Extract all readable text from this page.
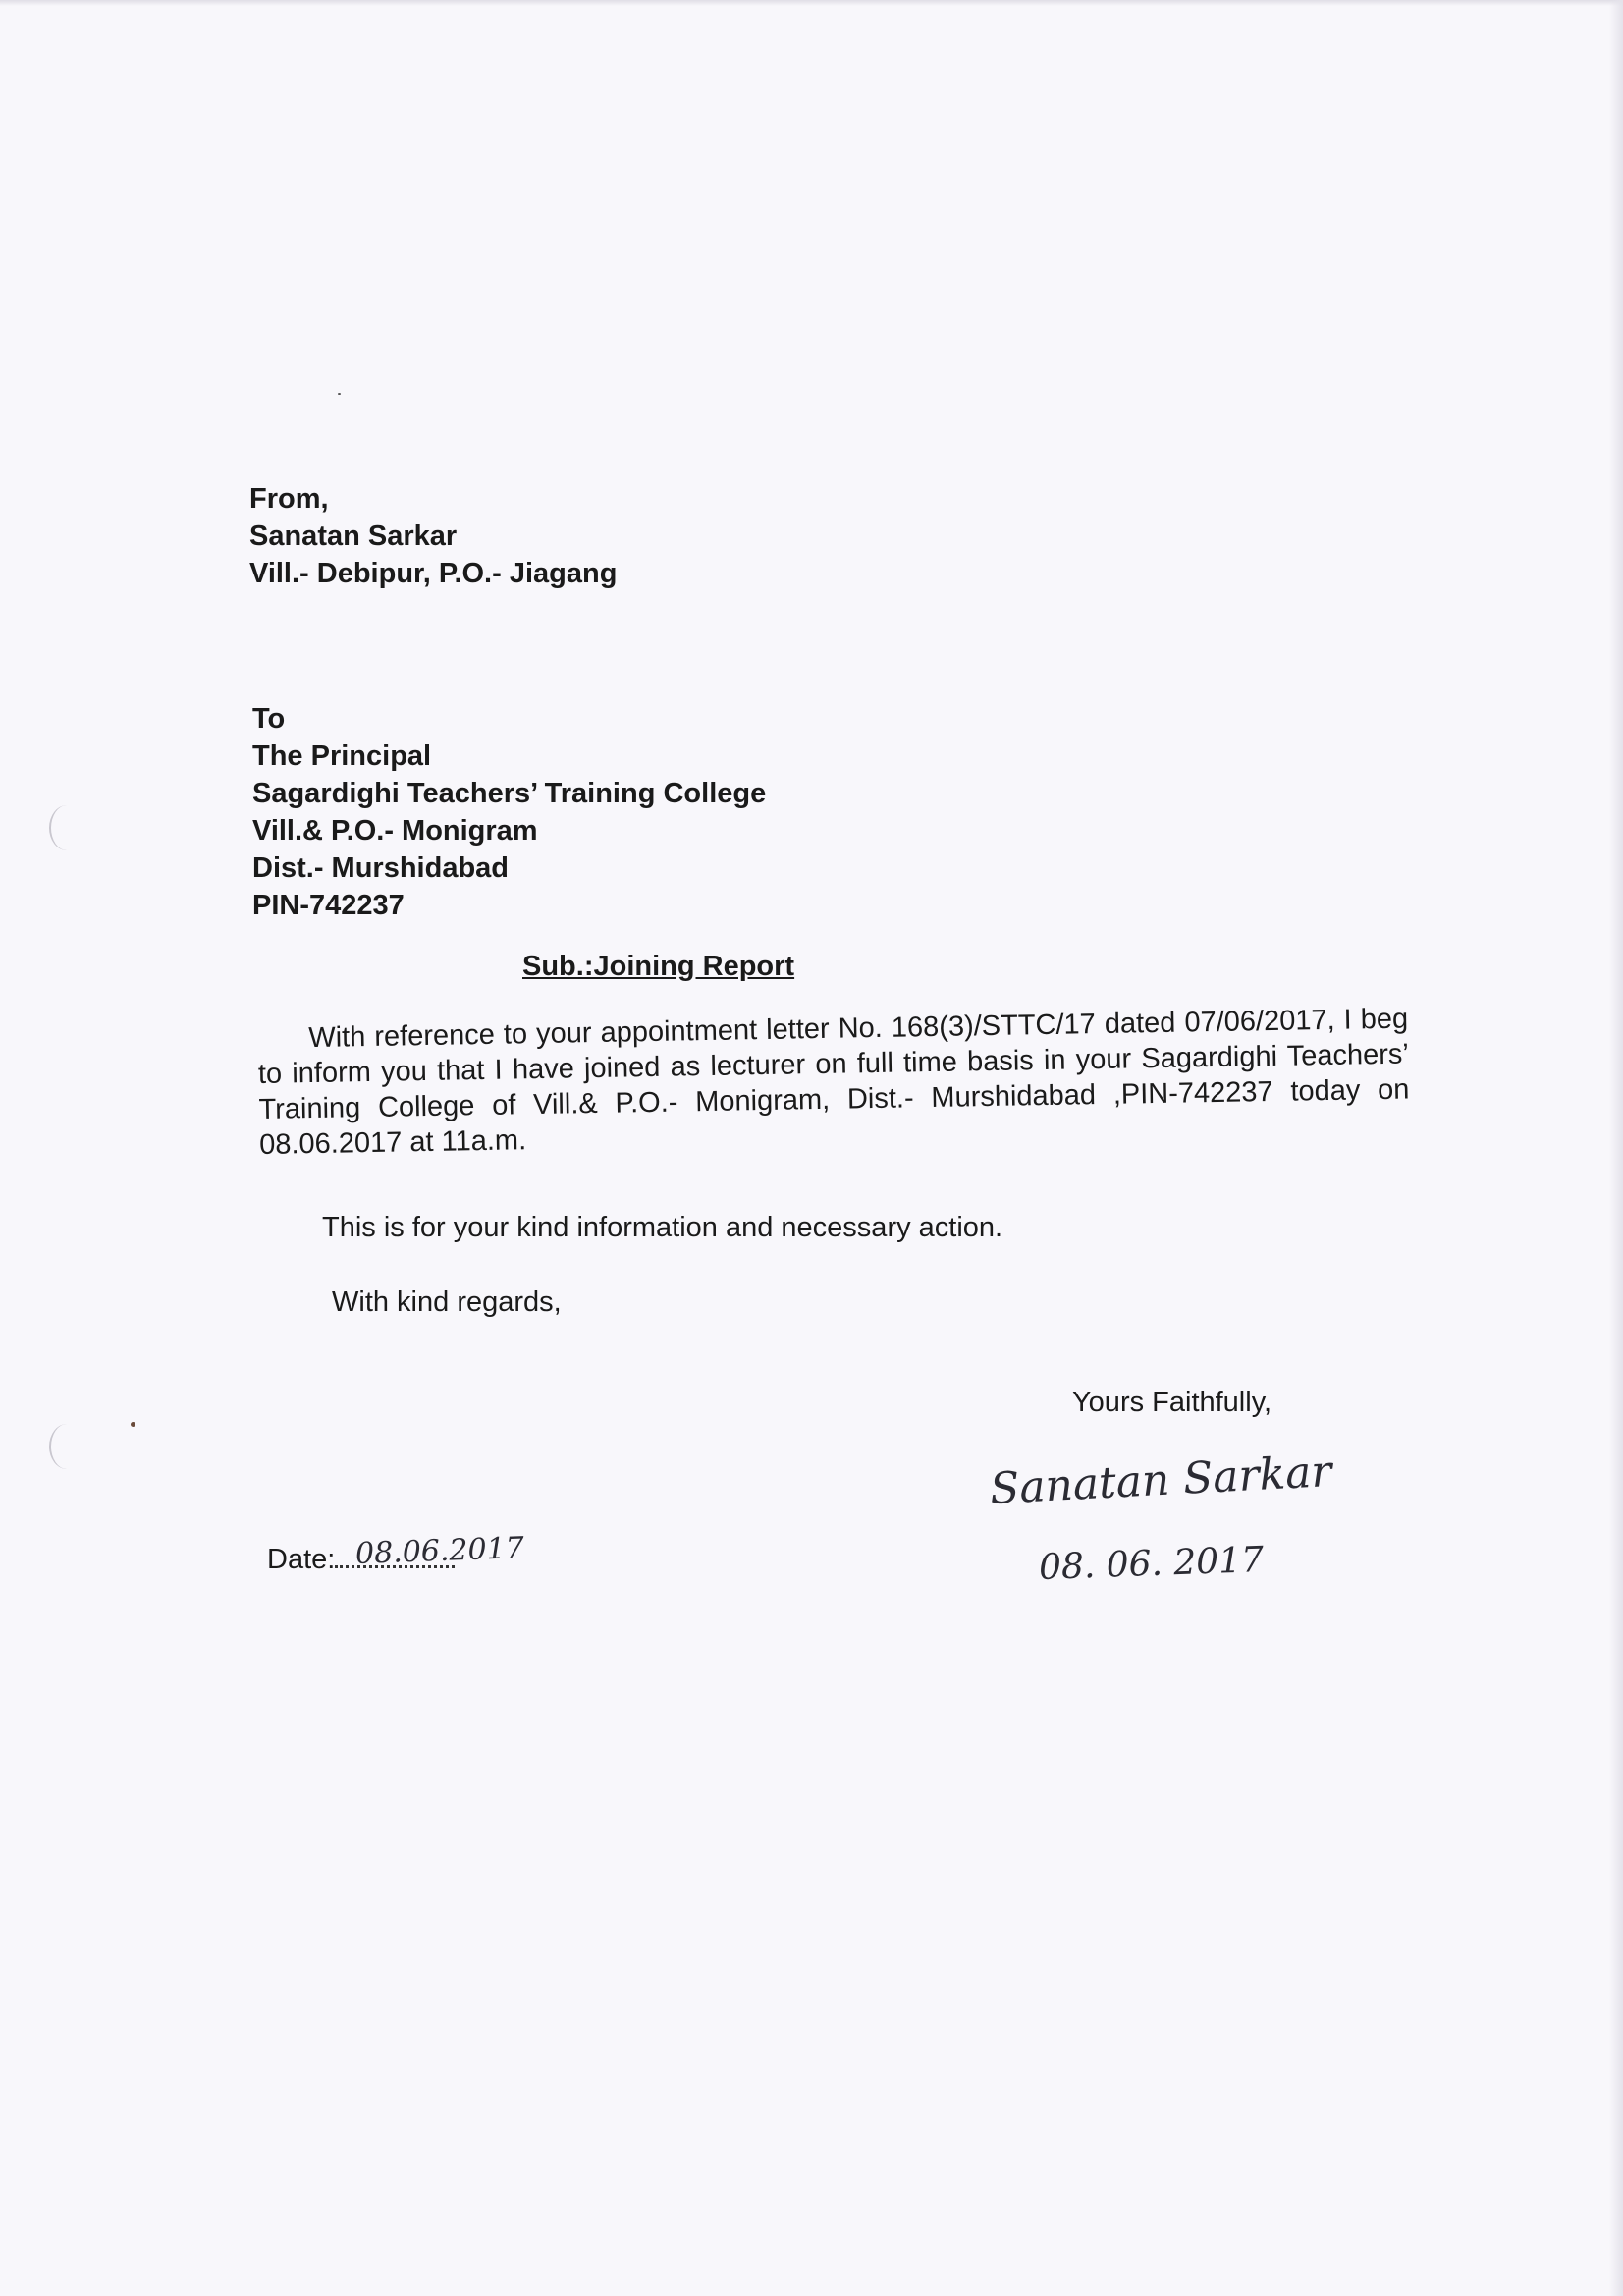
From,
Sanatan Sarkar
Vill.- Debipur, P.O.- Jiagang
To
The Principal
Sagardighi Teachers’ Training College
Vill.& P.O.- Monigram
Dist.- Murshidabad
PIN-742237
Sub.:Joining Report
With reference to your appointment letter No. 168(3)/STTC/17 dated 07/06/2017, I beg to inform you that I have joined as lecturer on full time basis in your Sagardighi Teachers’ Training College of Vill.& P.O.- Monigram, Dist.- Murshidabad ,PIN-742237 today on 08.06.2017 at 11a.m.
This is for your kind information and necessary action.
With kind regards,
Yours Faithfully,
Sanatan Sarkar
08. 06. 2017
Date: 08.06.2017
